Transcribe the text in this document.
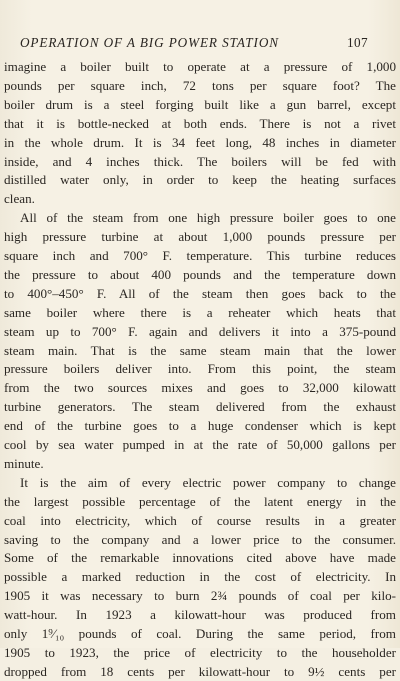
OPERATION OF A BIG POWER STATION	107
imagine a boiler built to operate at a pressure of 1,000
pounds per square inch, 72 tons per square foot? The
boiler drum is a steel forging built like a gun barrel, except
that it is bottle-necked at both ends. There is not a rivet
in the whole drum. It is 34 feet long, 48 inches in diameter
inside, and 4 inches thick. The boilers will be fed with
distilled water only, in order to keep the heating surfaces
clean.
All of the steam from one high pressure boiler goes to one
high pressure turbine at about 1,000 pounds pressure per
square inch and 700° F. temperature. This turbine reduces
the pressure to about 400 pounds and the temperature down
to 400°–450° F. All of the steam then goes back to the
same boiler where there is a reheater which heats that
steam up to 700° F. again and delivers it into a 375-pound
steam main. That is the same steam main that the lower
pressure boilers deliver into. From this point, the steam
from the two sources mixes and goes to 32,000 kilowatt
turbine generators. The steam delivered from the exhaust
end of the turbine goes to a huge condenser which is kept
cool by sea water pumped in at the rate of 50,000 gallons per
minute.
It is the aim of every electric power company to change
the largest possible percentage of the latent energy in the
coal into electricity, which of course results in a greater
saving to the company and a lower price to the consumer.
Some of the remarkable innovations cited above have made
possible a marked reduction in the cost of electricity. In
1905 it was necessary to burn 2¾ pounds of coal per kilo-
watt-hour. In 1923 a kilowatt-hour was produced from
only 1⁹⁄₁₀ pounds of coal. During the same period, from
1905 to 1923, the price of electricity to the householder
dropped from 18 cents per kilowatt-hour to 9½ cents per
